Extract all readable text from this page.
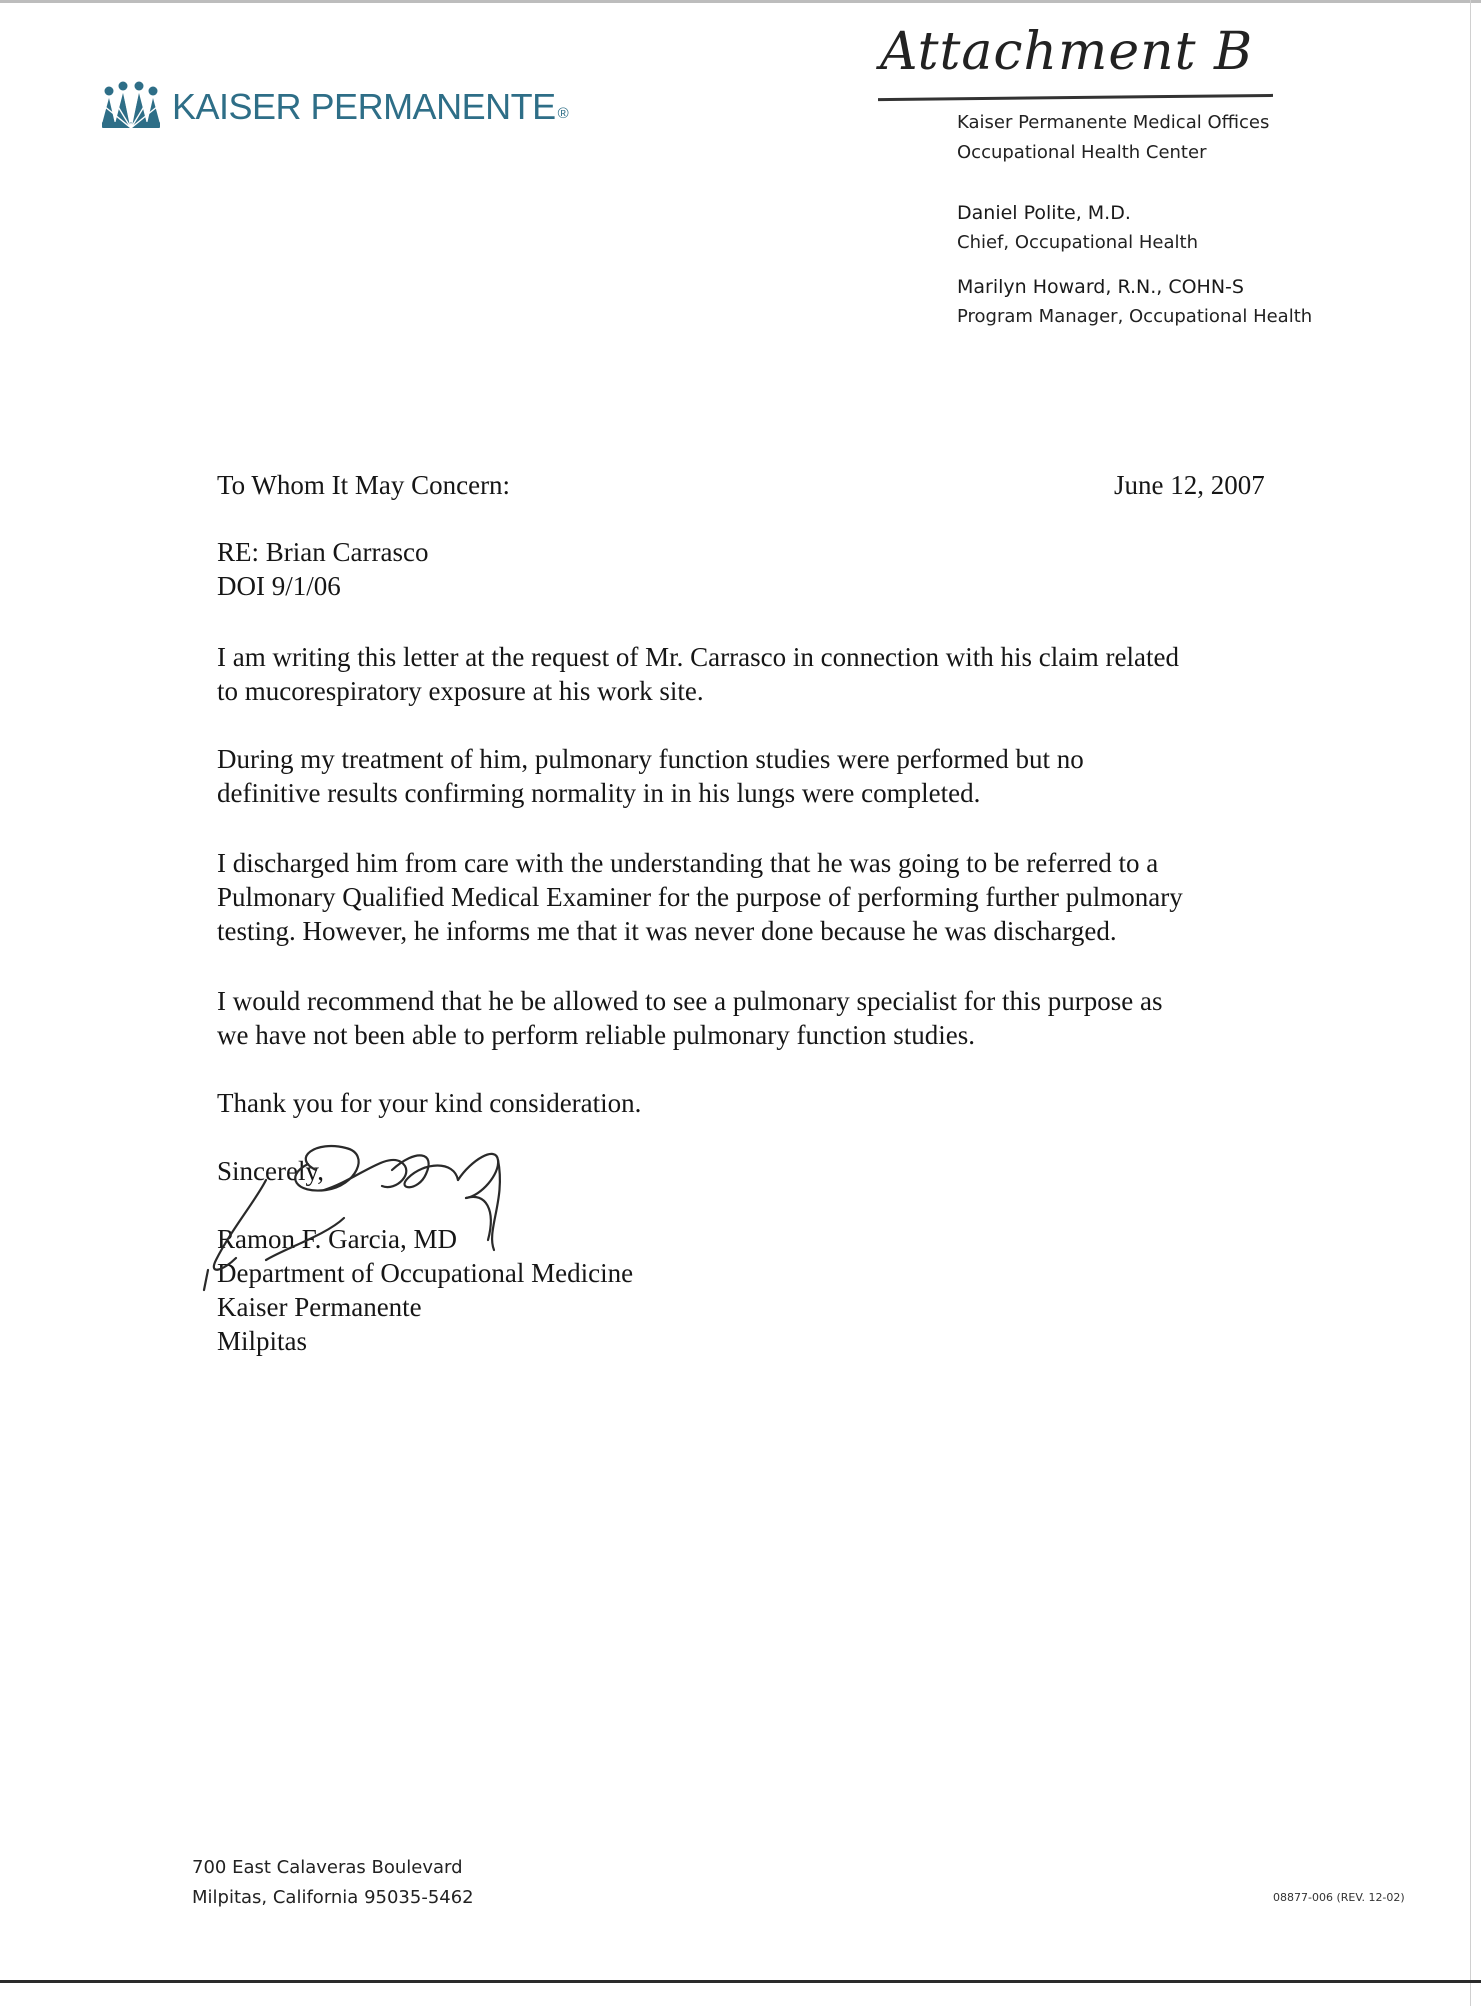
KAISER PERMANENTE ®
Attachment B
Kaiser Permanente Medical Offices
Occupational Health Center
Daniel Polite, M.D.
Chief, Occupational Health
Marilyn Howard, R.N., COHN-S
Program Manager, Occupational Health
To Whom It May Concern:	June 12, 2007
RE: Brian Carrasco
DOI 9/1/06
I am writing this letter at the request of Mr. Carrasco in connection with his claim related
to mucorespiratory exposure at his work site.
During my treatment of him, pulmonary function studies were performed but no
definitive results confirming normality in in his lungs were completed.
I discharged him from care with the understanding that he was going to be referred to a
Pulmonary Qualified Medical Examiner for the purpose of performing further pulmonary
testing. However, he informs me that it was never done because he was discharged.
I would recommend that he be allowed to see a pulmonary specialist for this purpose as
we have not been able to perform reliable pulmonary function studies.
Thank you for your kind consideration.
Sincerely,
Ramon F. Garcia, MD
Department of Occupational Medicine
Kaiser Permanente
Milpitas
700 East Calaveras Boulevard
Milpitas, California 95035-5462	08877-006 (REV. 12-02)
